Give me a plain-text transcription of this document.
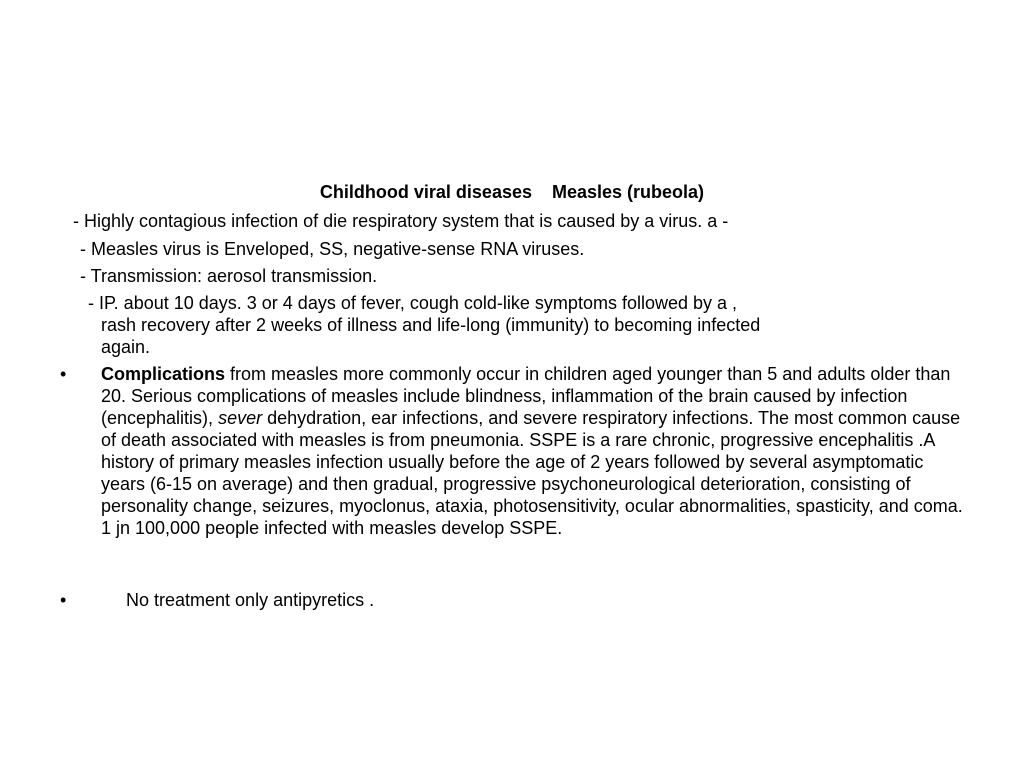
Childhood viral diseases Measles (rubeola)
- Highly contagious infection of die respiratory system that is caused by a virus. a -
- Measles virus is Enveloped, SS, negative-sense RNA viruses.
- Transmission: aerosol transmission.
- IP. about 10 days. 3 or 4 days of fever, cough cold-like symptoms followed by a ,
rash recovery after 2 weeks of illness and life-long (immunity) to becoming infected
again.
• Complications from measles more commonly occur in children aged younger than 5 and adults older than 20. Serious complications of measles include blindness, inflammation of the brain caused by infection (encephalitis), sever dehydration, ear infections, and severe respiratory infections. The most common cause of death associated with measles is from pneumonia. SSPE is a rare chronic, progressive encephalitis .A history of primary measles infection usually before the age of 2 years followed by several asymptomatic years (6-15 on average) and then gradual, progressive psychoneurological deterioration, consisting of personality change, seizures, myoclonus, ataxia, photosensitivity, ocular abnormalities, spasticity, and coma. 1 jn 100,000 people infected with measles develop SSPE.
•	No treatment only antipyretics .
